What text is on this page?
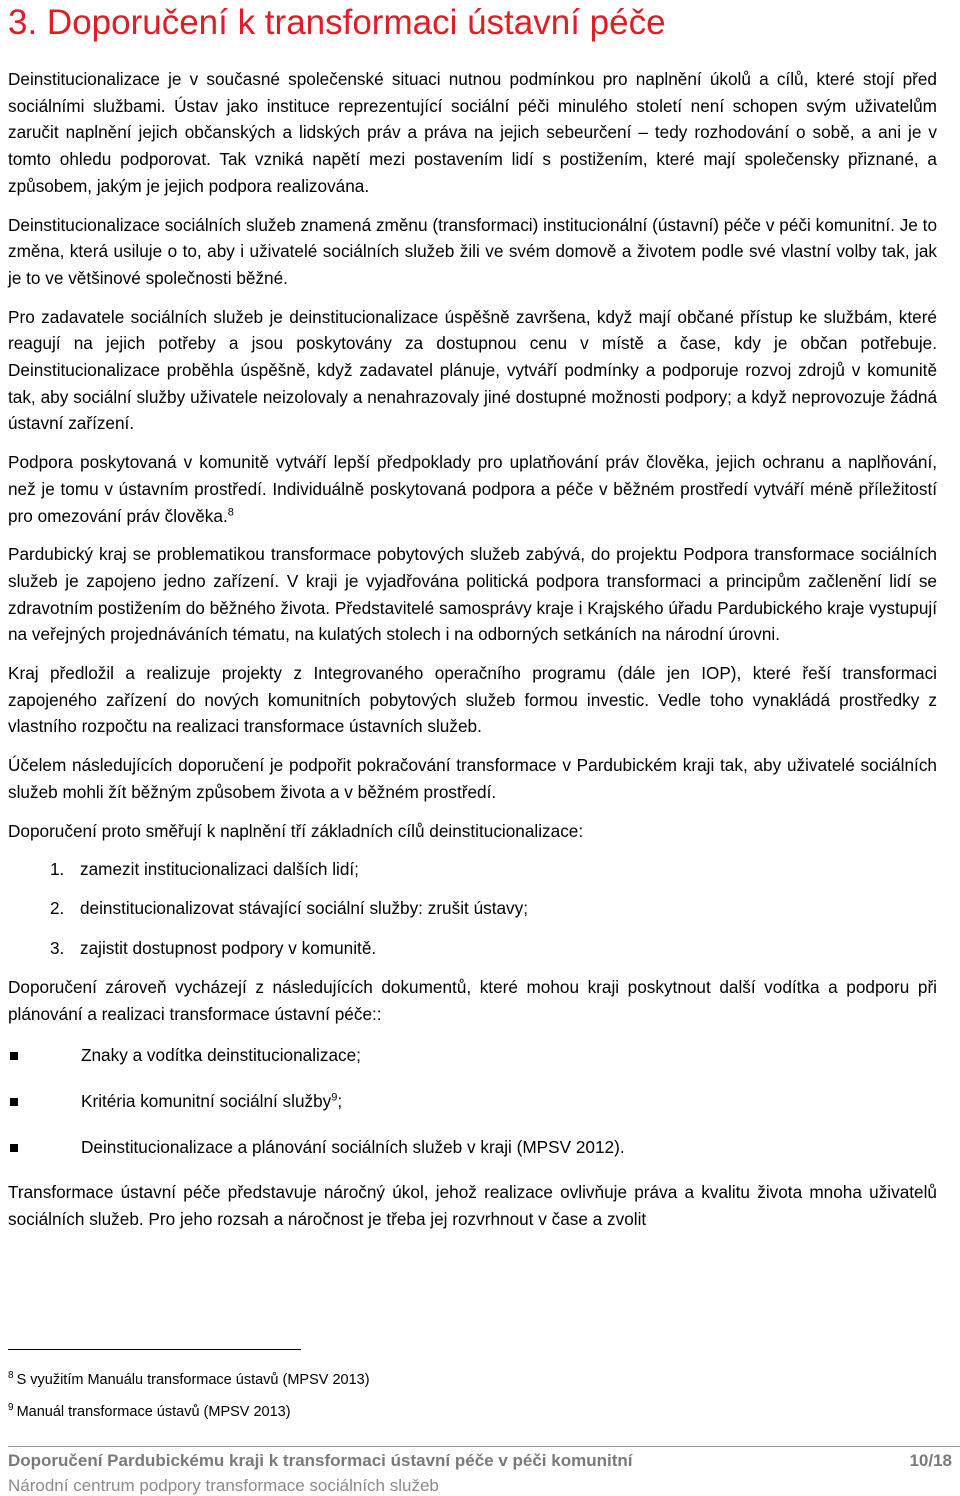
3. Doporučení k transformaci ústavní péče

Deinstitucionalizace je v současné společenské situaci nutnou podmínkou pro naplnění úkolů a cílů, které stojí před sociálními službami. Ústav jako instituce reprezentující sociální péči minulého století není schopen svým uživatelům zaručit naplnění jejich občanských a lidských práv a práva na jejich sebeurčení – tedy rozhodování o sobě, a ani je v tomto ohledu podporovat. Tak vzniká napětí mezi postavením lidí s postižením, které mají společensky přiznané, a způsobem, jakým je jejich podpora realizována.

Deinstitucionalizace sociálních služeb znamená změnu (transformaci) institucionální (ústavní) péče v péči komunitní. Je to změna, která usiluje o to, aby i uživatelé sociálních služeb žili ve svém domově a životem podle své vlastní volby tak, jak je to ve většinové společnosti běžné.

Pro zadavatele sociálních služeb je deinstitucionalizace úspěšně završena, když mají občané přístup ke službám, které reagují na jejich potřeby a jsou poskytovány za dostupnou cenu v místě a čase, kdy je občan potřebuje. Deinstitucionalizace proběhla úspěšně, když zadavatel plánuje, vytváří podmínky a podporuje rozvoj zdrojů v komunitě tak, aby sociální služby uživatele neizolovaly a nenahrazovaly jiné dostupné možnosti podpory; a když neprovozuje žádná ústavní zařízení.

Podpora poskytovaná v komunitě vytváří lepší předpoklady pro uplatňování práv člověka, jejich ochranu a naplňování, než je tomu v ústavním prostředí. Individuálně poskytovaná podpora a péče v běžném prostředí vytváří méně příležitostí pro omezování práv člověka.$^8$

Pardubický kraj se problematikou transformace pobytových služeb zabývá, do projektu Podpora transformace sociálních služeb je zapojeno jedno zařízení. V kraji je vyjadřována politická podpora transformaci a principům začlenění lidí se zdravotním postižením do běžného života. Představitelé samosprávy kraje i Krajského úřadu Pardubického kraje vystupují na veřejných projednáváních tématu, na kulatých stolech i na odborných setkáních na národní úrovni.

Kraj předložil a realizuje projekty z Integrovaného operačního programu (dále jen IOP), které řeší transformaci zapojeného zařízení do nových komunitních pobytových služeb formou investic. Vedle toho vynakládá prostředky z vlastního rozpočtu na realizaci transformace ústavních služeb.

Účelem následujících doporučení je podpořit pokračování transformace v Pardubickém kraji tak, aby uživatelé sociálních služeb mohli žít běžným způsobem života a v běžném prostředí.

Doporučení proto směřují k naplnění tří základních cílů deinstitucionalizace:

1. zamezit institucionalizaci dalších lidí;
2. deinstitucionalizovat stávající sociální služby: zrušit ústavy;
3. zajistit dostupnost podpory v komunitě.

Doporučení zároveň vycházejí z následujících dokumentů, které mohou kraji poskytnout další vodítka a podporu při plánování a realizaci transformace ústavní péče::

Znaky a vodítka deinstitucionalizace;
Kritéria komunitní sociální služby$^9$;
Deinstitucionalizace a plánování sociálních služeb v kraji (MPSV 2012).

Transformace ústavní péče představuje náročný úkol, jehož realizace ovlivňuje práva a kvalitu života mnoha uživatelů sociálních služeb. Pro jeho rozsah a náročnost je třeba jej rozvrhnout v čase a zvolit

$^8$ S využitím Manuálu transformace ústavů (MPSV 2013)
$^9$ Manuál transformace ústavů (MPSV 2013)
Doporučení Pardubickému kraji k transformaci ústavní péče v péči komunitní	10/18
Národní centrum podpory transformace sociálních služeb
